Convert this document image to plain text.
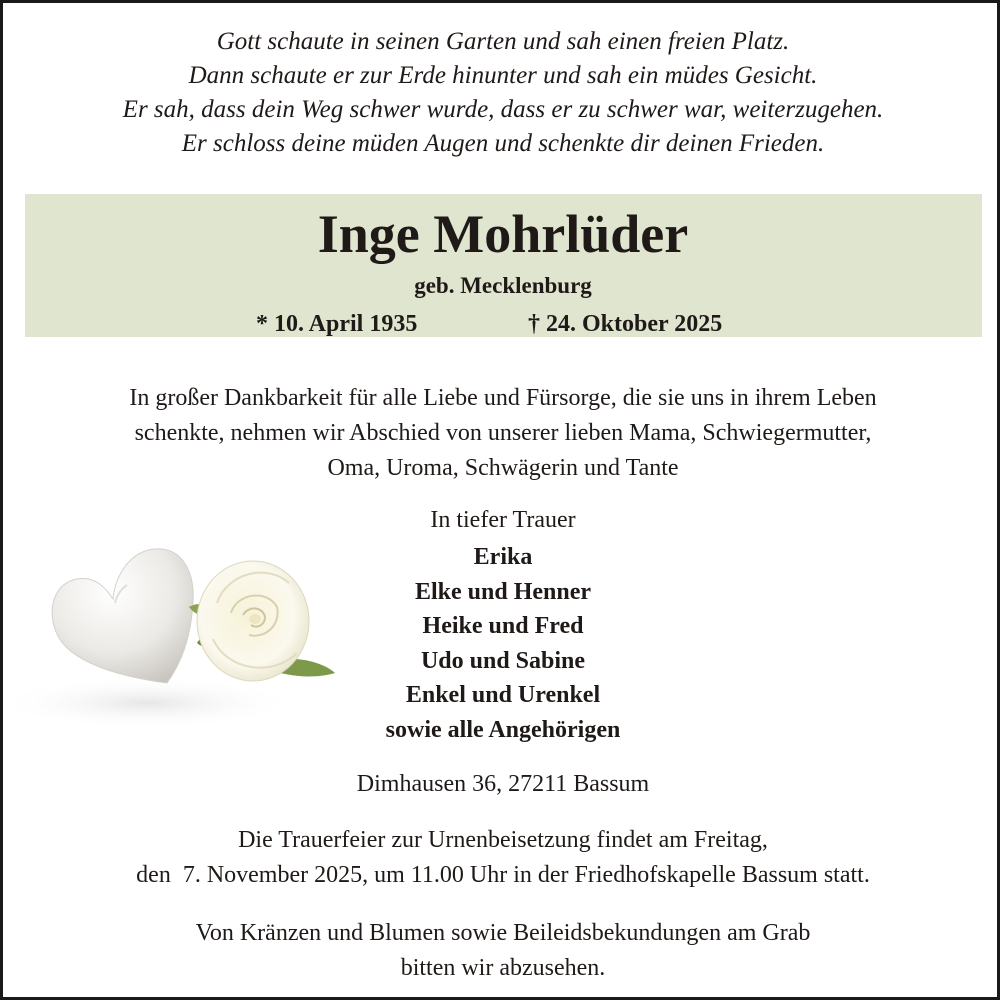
Gott schaute in seinen Garten und sah einen freien Platz.
Dann schaute er zur Erde hinunter und sah ein müdes Gesicht.
Er sah, dass dein Weg schwer wurde, dass er zu schwer war, weiterzugehen.
Er schloss deine müden Augen und schenkte dir deinen Frieden.
Inge Mohrlüder
geb. Mecklenburg
* 10. April 1935	† 24. Oktober 2025
In großer Dankbarkeit für alle Liebe und Fürsorge, die sie uns in ihrem Leben
schenkte, nehmen wir Abschied von unserer lieben Mama, Schwiegermutter,
Oma, Uroma, Schwägerin und Tante
In tiefer Trauer
Erika
Elke und Henner
Heike und Fred
Udo und Sabine
Enkel und Urenkel
sowie alle Angehörigen
Dimhausen 36, 27211 Bassum
Die Trauerfeier zur Urnenbeisetzung findet am Freitag,
den  7. November 2025, um 11.00 Uhr in der Friedhofskapelle Bassum statt.
Von Kränzen und Blumen sowie Beileidsbekundungen am Grab
bitten wir abzusehen.
